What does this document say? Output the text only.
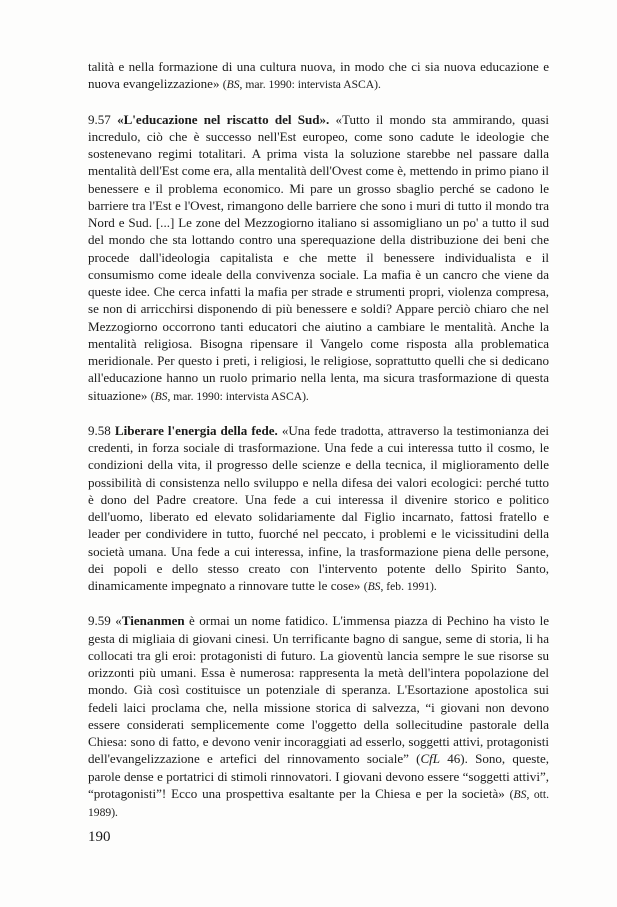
talità e nella formazione di una cultura nuova, in modo che ci sia nuova educazione e nuova evangelizzazione» (BS, mar. 1990: intervista ASCA).

9.57 «L'educazione nel riscatto del Sud». «Tutto il mondo sta ammirando, quasi incredulo, ciò che è successo nell'Est europeo, come sono cadute le ideologie che sostenevano regimi totalitari. A prima vista la soluzione starebbe nel passare dalla mentalità dell'Est come era, alla mentalità dell'Ovest come è, mettendo in primo piano il benessere e il problema economico. Mi pare un grosso sbaglio perché se cadono le barriere tra l'Est e l'Ovest, rimangono delle barriere che sono i muri di tutto il mondo tra Nord e Sud. [...] Le zone del Mezzogiorno italiano si assomigliano un po' a tutto il sud del mondo che sta lottando contro una sperequazione della distribuzione dei beni che procede dall'ideologia capitalista e che mette il benessere individualista e il consumismo come ideale della convivenza sociale. La mafia è un cancro che viene da queste idee. Che cerca infatti la mafia per strade e strumenti propri, violenza compresa, se non di arricchirsi disponendo di più benessere e soldi? Appare perciò chiaro che nel Mezzogiorno occorrono tanti educatori che aiutino a cambiare le mentalità. Anche la mentalità religiosa. Bisogna ripensare il Vangelo come risposta alla problematica meridionale. Per questo i preti, i religiosi, le religiose, soprattutto quelli che si dedicano all'educazione hanno un ruolo primario nella lenta, ma sicura trasformazione di questa situazione» (BS, mar. 1990: intervista ASCA).

9.58 Liberare l'energia della fede. «Una fede tradotta, attraverso la testimonianza dei credenti, in forza sociale di trasformazione. Una fede a cui interessa tutto il cosmo, le condizioni della vita, il progresso delle scienze e della tecnica, il miglioramento delle possibilità di consistenza nello sviluppo e nella difesa dei valori ecologici: perché tutto è dono del Padre creatore. Una fede a cui interessa il divenire storico e politico dell'uomo, liberato ed elevato solidariamente dal Figlio incarnato, fattosi fratello e leader per condividere in tutto, fuorché nel peccato, i problemi e le vicissitudini della società umana. Una fede a cui interessa, infine, la trasformazione piena delle persone, dei popoli e dello stesso creato con l'intervento potente dello Spirito Santo, dinamicamente impegnato a rinnovare tutte le cose» (BS, feb. 1991).

9.59 «Tienanmen è ormai un nome fatidico. L'immensa piazza di Pechino ha visto le gesta di migliaia di giovani cinesi. Un terrificante bagno di sangue, seme di storia, li ha collocati tra gli eroi: protagonisti di futuro. La gioventù lancia sempre le sue risorse su orizzonti più umani. Essa è numerosa: rappresenta la metà dell'intera popolazione del mondo. Già così costituisce un potenziale di speranza. L'Esortazione apostolica sui fedeli laici proclama che, nella missione storica di salvezza, “i giovani non devono essere considerati semplicemente come l'oggetto della sollecitudine pastorale della Chiesa: sono di fatto, e devono venir incoraggiati ad esserlo, soggetti attivi, protagonisti dell'evangelizzazione e artefici del rinnovamento sociale” (CfL 46). Sono, queste, parole dense e portatrici di stimoli rinnovatori. I giovani devono essere “soggetti attivi”, “protagonisti”! Ecco una prospettiva esaltante per la Chiesa e per la società» (BS, ott. 1989).

190
